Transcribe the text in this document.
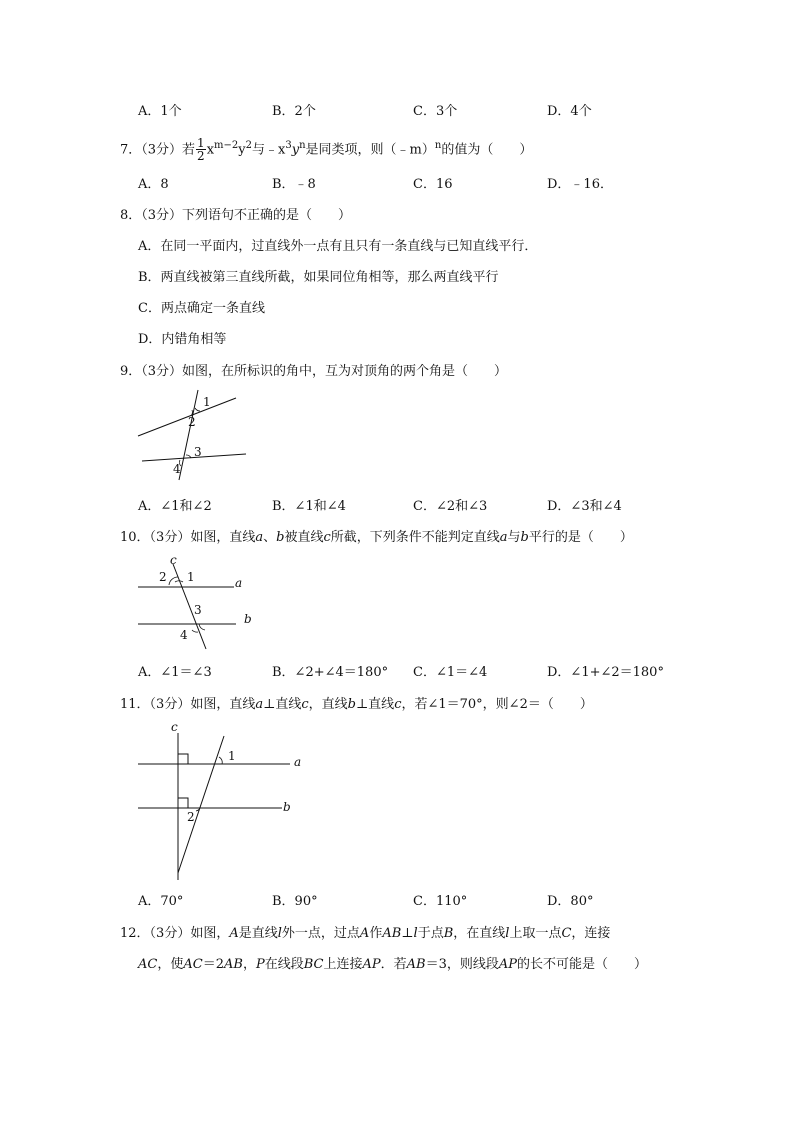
A．1个	B．2个	C．3个	D．4个
7．（3分）若 $\frac{1}{2} x^{m-2}y^2$与$﹣x^3y^n$是同类项，则（﹣m）$^n$的值为（　　）
A．8	B．﹣8	C．16	D．﹣16．
8．（3分）下列语句不正确的是（　　）
A．在同一平面内，过直线外一点有且只有一条直线与已知直线平行．
B．两直线被第三直线所截，如果同位角相等，那么两直线平行
C．两点确定一条直线
D．内错角相等
9．（3分）如图，在所标识的角中，互为对顶角的两个角是（　　）
1
2
3
4
A．∠1和∠2	B．∠1和∠4	C．∠2和∠3	D．∠3和∠4
10．（3分）如图，直线a、b被直线c所截，下列条件不能判定直线a与b平行的是（　　）
c
2 1	a
3
b
4
A．∠1＝∠3	B．∠2+∠4＝180° C．∠1＝∠4	D．∠1+∠2＝180°
11．（3分）如图，直线a⊥直线c，直线b⊥直线c，若∠1＝70°，则∠2＝（　　）
c
1	a
b
2
A．70°	B．90°	C．110°	D．80°
12．（3分）如图，A是直线l外一点，过点A作AB⊥l于点B，在直线l上取一点C，连接
AC，使AC＝2AB，P在线段BC上连接AP．若AB＝3，则线段AP的长不可能是（　　）
